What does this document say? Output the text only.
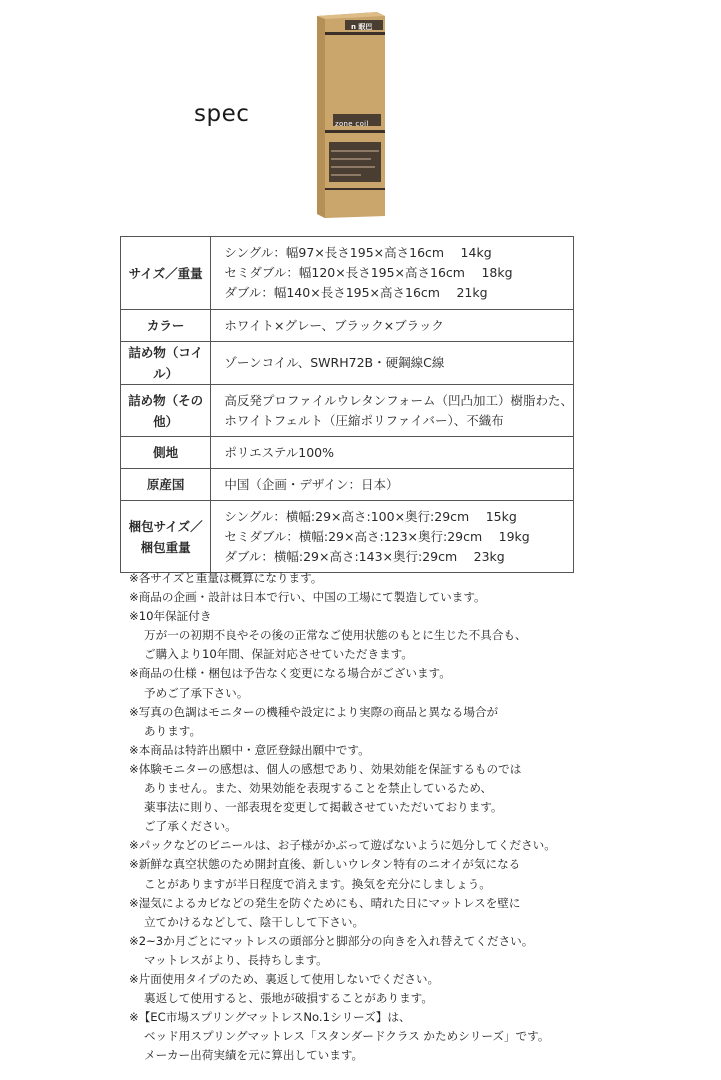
spec
n 眠巴
zone coil
サイズ／重量	シングル：幅97×長さ195×高さ16cm　 14kg
セミダブル：幅120×長さ195×高さ16cm　 18kg
ダブル：幅140×長さ195×高さ16cm　 21kg

カラー	ホワイト×グレー、ブラック×ブラック
詰め物（コイル）	ゾーンコイル、SWRH72B・硬鋼線C線
詰め物（その他）	高反発プロファイルウレタンフォーム（凹凸加工）樹脂わた、
ホワイトフェルト（圧縮ポリファイバー）、不織布

側地	ポリエステル100%
原産国	中国（企画・デザイン：日本）

梱包サイズ／
梱包重量	シングル：横幅:29×高さ:100×奥行:29cm　 15kg
セミダブル：横幅:29×高さ:123×奥行:29cm　 19kg
ダブル：横幅:29×高さ:143×奥行:29cm　 23kg
※各サイズと重量は概算になります。
※商品の企画・設計は日本で行い、中国の工場にて製造しています。
※10年保証付き
万が一の初期不良やその後の正常なご使用状態のもとに生じた不具合も、
ご購入より10年間、保証対応させていただきます。
※商品の仕様・梱包は予告なく変更になる場合がございます。
予めご了承下さい。
※写真の色調はモニターの機種や設定により実際の商品と異なる場合が
あります。
※本商品は特許出願中・意匠登録出願中です。
※体験モニターの感想は、個人の感想であり、効果効能を保証するものでは
ありません。また、効果効能を表現することを禁止しているため、
薬事法に則り、一部表現を変更して掲載させていただいております。
ご了承ください。
※パックなどのビニールは、お子様がかぶって遊ばないように処分してください。
※新鮮な真空状態のため開封直後、新しいウレタン特有のニオイが気になる
ことがありますが半日程度で消えます。換気を充分にしましょう。
※湿気によるカビなどの発生を防ぐためにも、晴れた日にマットレスを壁に
立てかけるなどして、陰干しして下さい。
※2~3か月ごとにマットレスの頭部分と脚部分の向きを入れ替えてください。
マットレスがより、長持ちします。
※片面使用タイプのため、裏返して使用しないでください。
裏返して使用すると、張地が破損することがあります。
※【EC市場スプリングマットレスNo.1シリーズ】は、
ベッド用スプリングマットレス「スタンダードクラス かためシリーズ」です。
メーカー出荷実績を元に算出しています。
